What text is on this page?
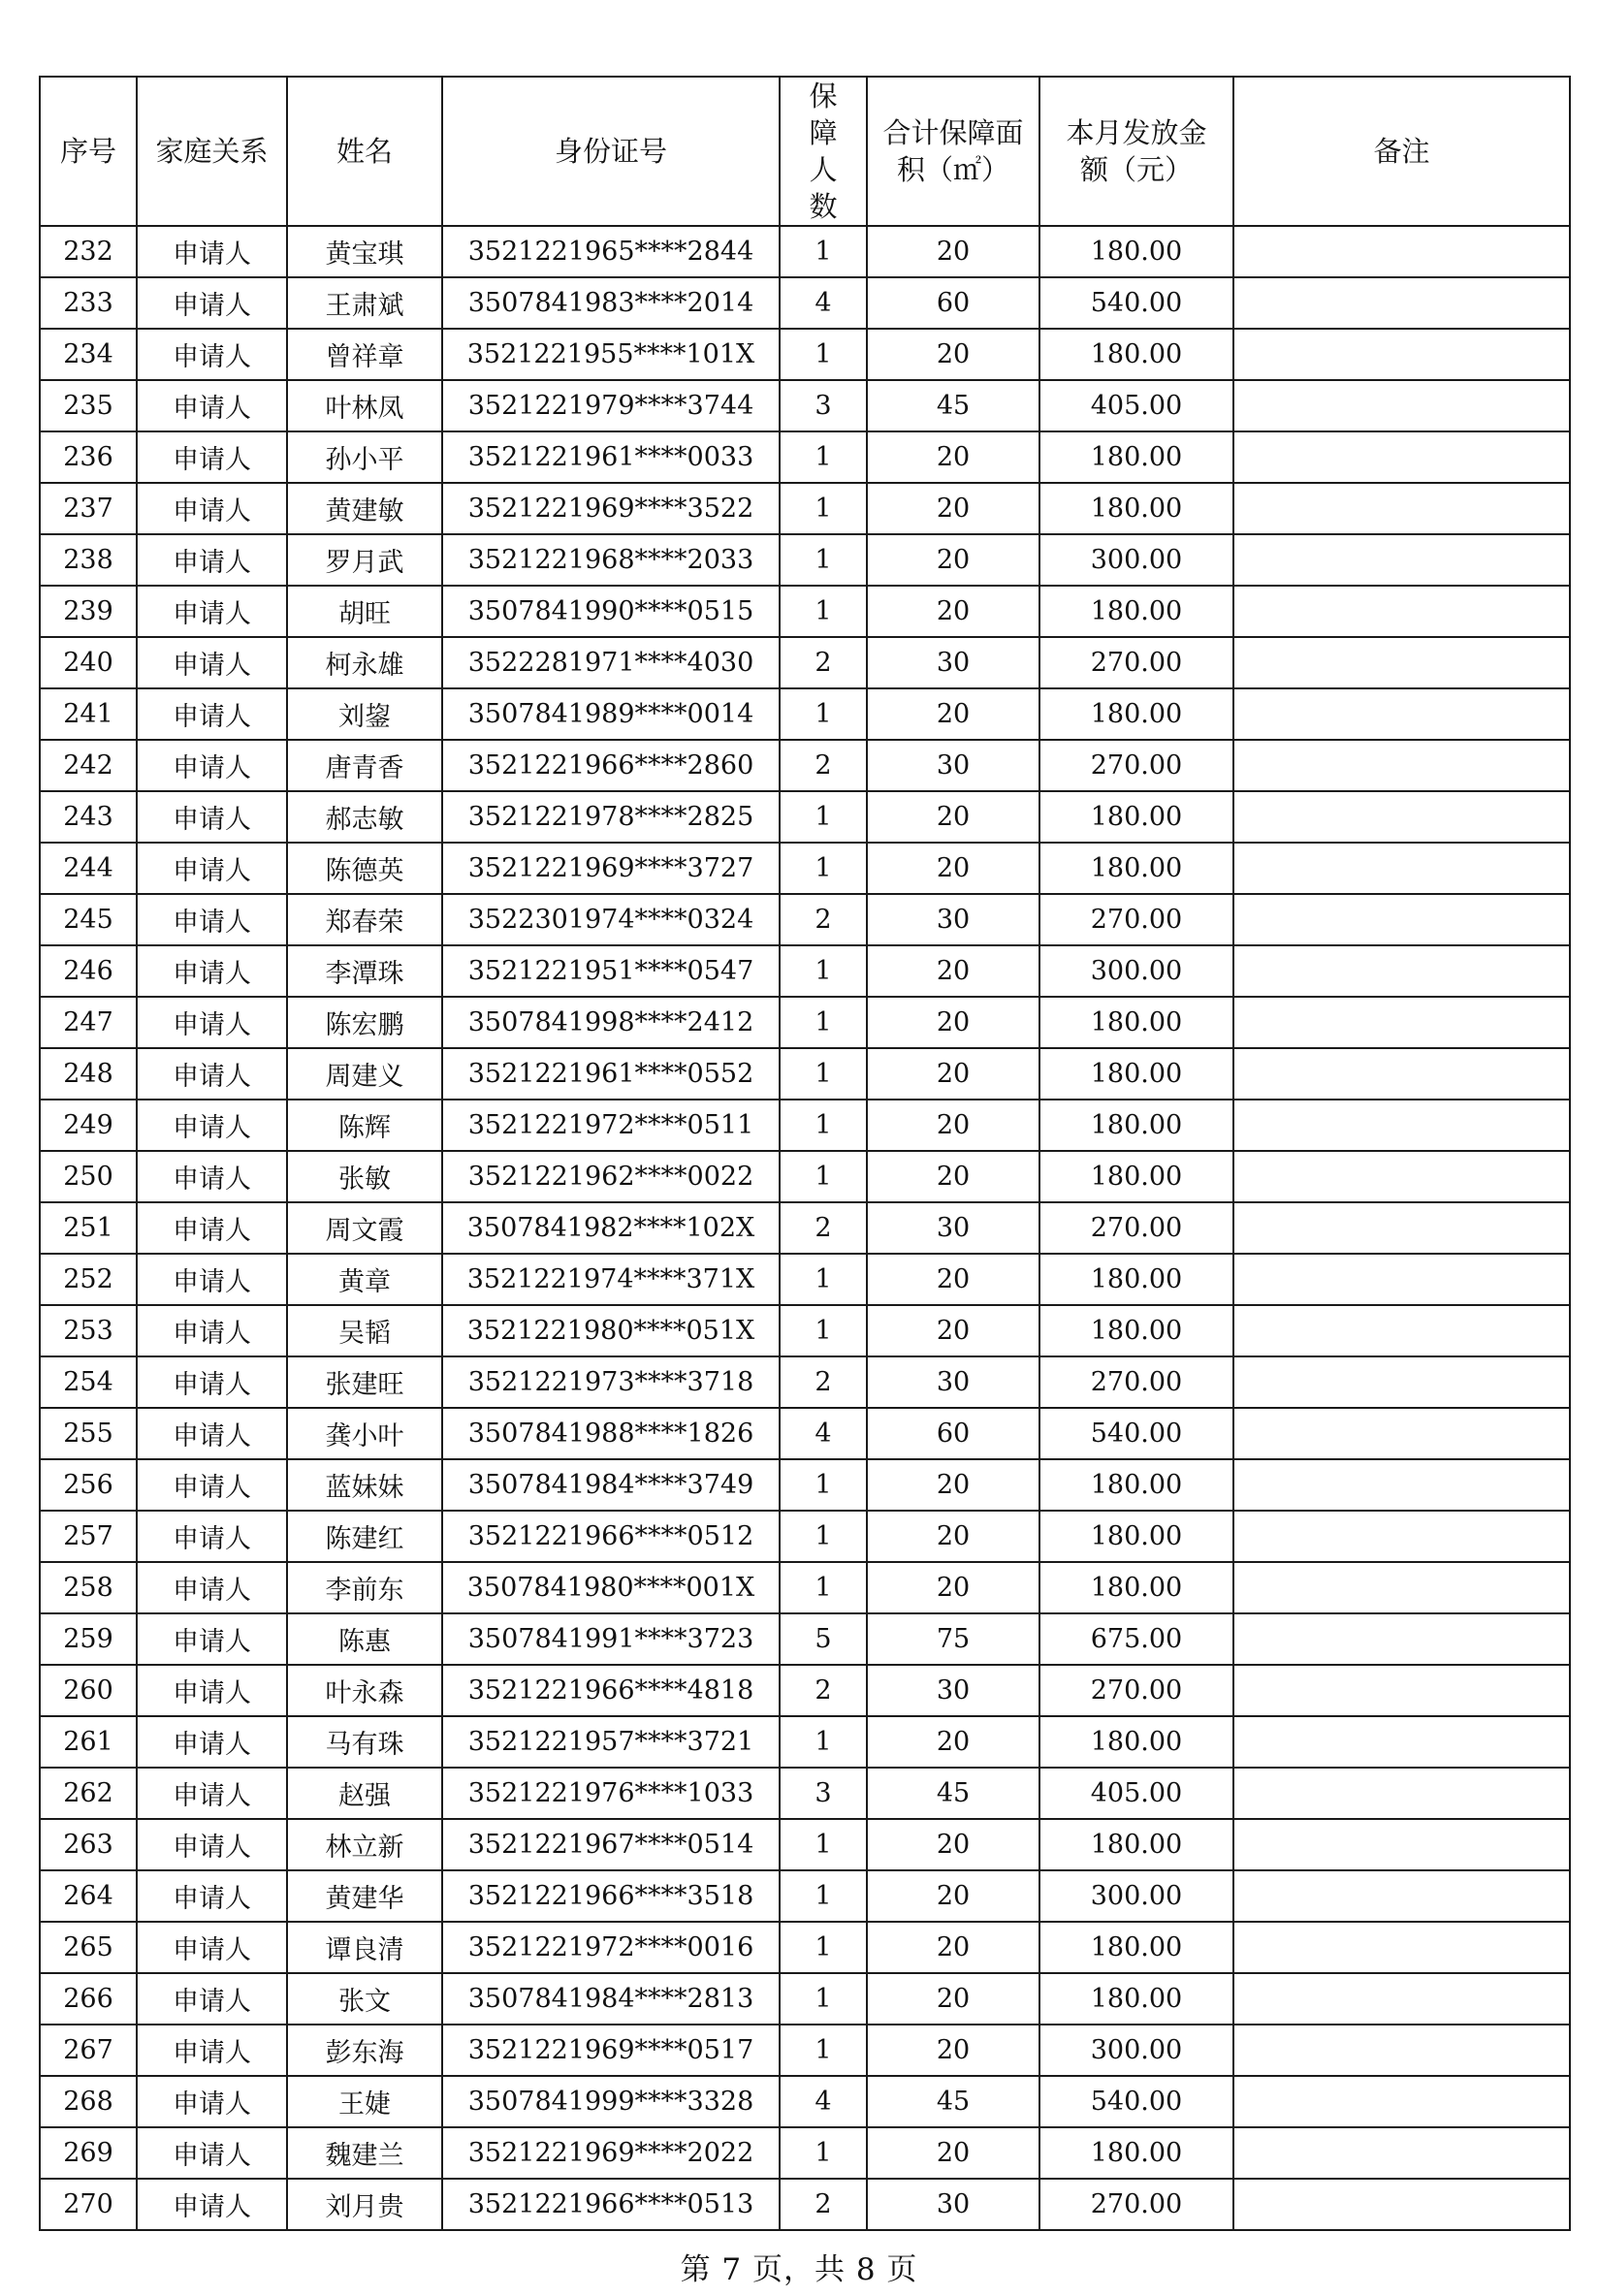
序号	家庭关系	姓名	身份证号	保障人数	合计保障面积（㎡）	本月发放金额（元）	备注
232	申请人	黄宝琪	3521221965****2844	1	20	180.00	
233	申请人	王肃斌	3507841983****2014	4	60	540.00	
234	申请人	曾祥章	3521221955****101X	1	20	180.00	
235	申请人	叶林凤	3521221979****3744	3	45	405.00	
236	申请人	孙小平	3521221961****0033	1	20	180.00	
237	申请人	黄建敏	3521221969****3522	1	20	180.00	
238	申请人	罗月武	3521221968****2033	1	20	300.00	
239	申请人	胡旺	3507841990****0515	1	20	180.00	
240	申请人	柯永雄	3522281971****4030	2	30	270.00	
241	申请人	刘鋆	3507841989****0014	1	20	180.00	
242	申请人	唐青香	3521221966****2860	2	30	270.00	
243	申请人	郝志敏	3521221978****2825	1	20	180.00	
244	申请人	陈德英	3521221969****3727	1	20	180.00	
245	申请人	郑春荣	3522301974****0324	2	30	270.00	
246	申请人	李潭珠	3521221951****0547	1	20	300.00	
247	申请人	陈宏鹏	3507841998****2412	1	20	180.00	
248	申请人	周建义	3521221961****0552	1	20	180.00	
249	申请人	陈辉	3521221972****0511	1	20	180.00	
250	申请人	张敏	3521221962****0022	1	20	180.00	
251	申请人	周文霞	3507841982****102X	2	30	270.00	
252	申请人	黄章	3521221974****371X	1	20	180.00	
253	申请人	吴韬	3521221980****051X	1	20	180.00	
254	申请人	张建旺	3521221973****3718	2	30	270.00	
255	申请人	龚小叶	3507841988****1826	4	60	540.00	
256	申请人	蓝妹妹	3507841984****3749	1	20	180.00	
257	申请人	陈建红	3521221966****0512	1	20	180.00	
258	申请人	李前东	3507841980****001X	1	20	180.00	
259	申请人	陈惠	3507841991****3723	5	75	675.00	
260	申请人	叶永森	3521221966****4818	2	30	270.00	
261	申请人	马有珠	3521221957****3721	1	20	180.00	
262	申请人	赵强	3521221976****1033	3	45	405.00	
263	申请人	林立新	3521221967****0514	1	20	180.00	
264	申请人	黄建华	3521221966****3518	1	20	300.00	
265	申请人	谭良清	3521221972****0016	1	20	180.00	
266	申请人	张文	3507841984****2813	1	20	180.00	
267	申请人	彭东海	3521221969****0517	1	20	300.00	
268	申请人	王婕	3507841999****3328	4	45	540.00	
269	申请人	魏建兰	3521221969****2022	1	20	180.00	
270	申请人	刘月贵	3521221966****0513	2	30	270.00	
第 7 页，共 8 页
